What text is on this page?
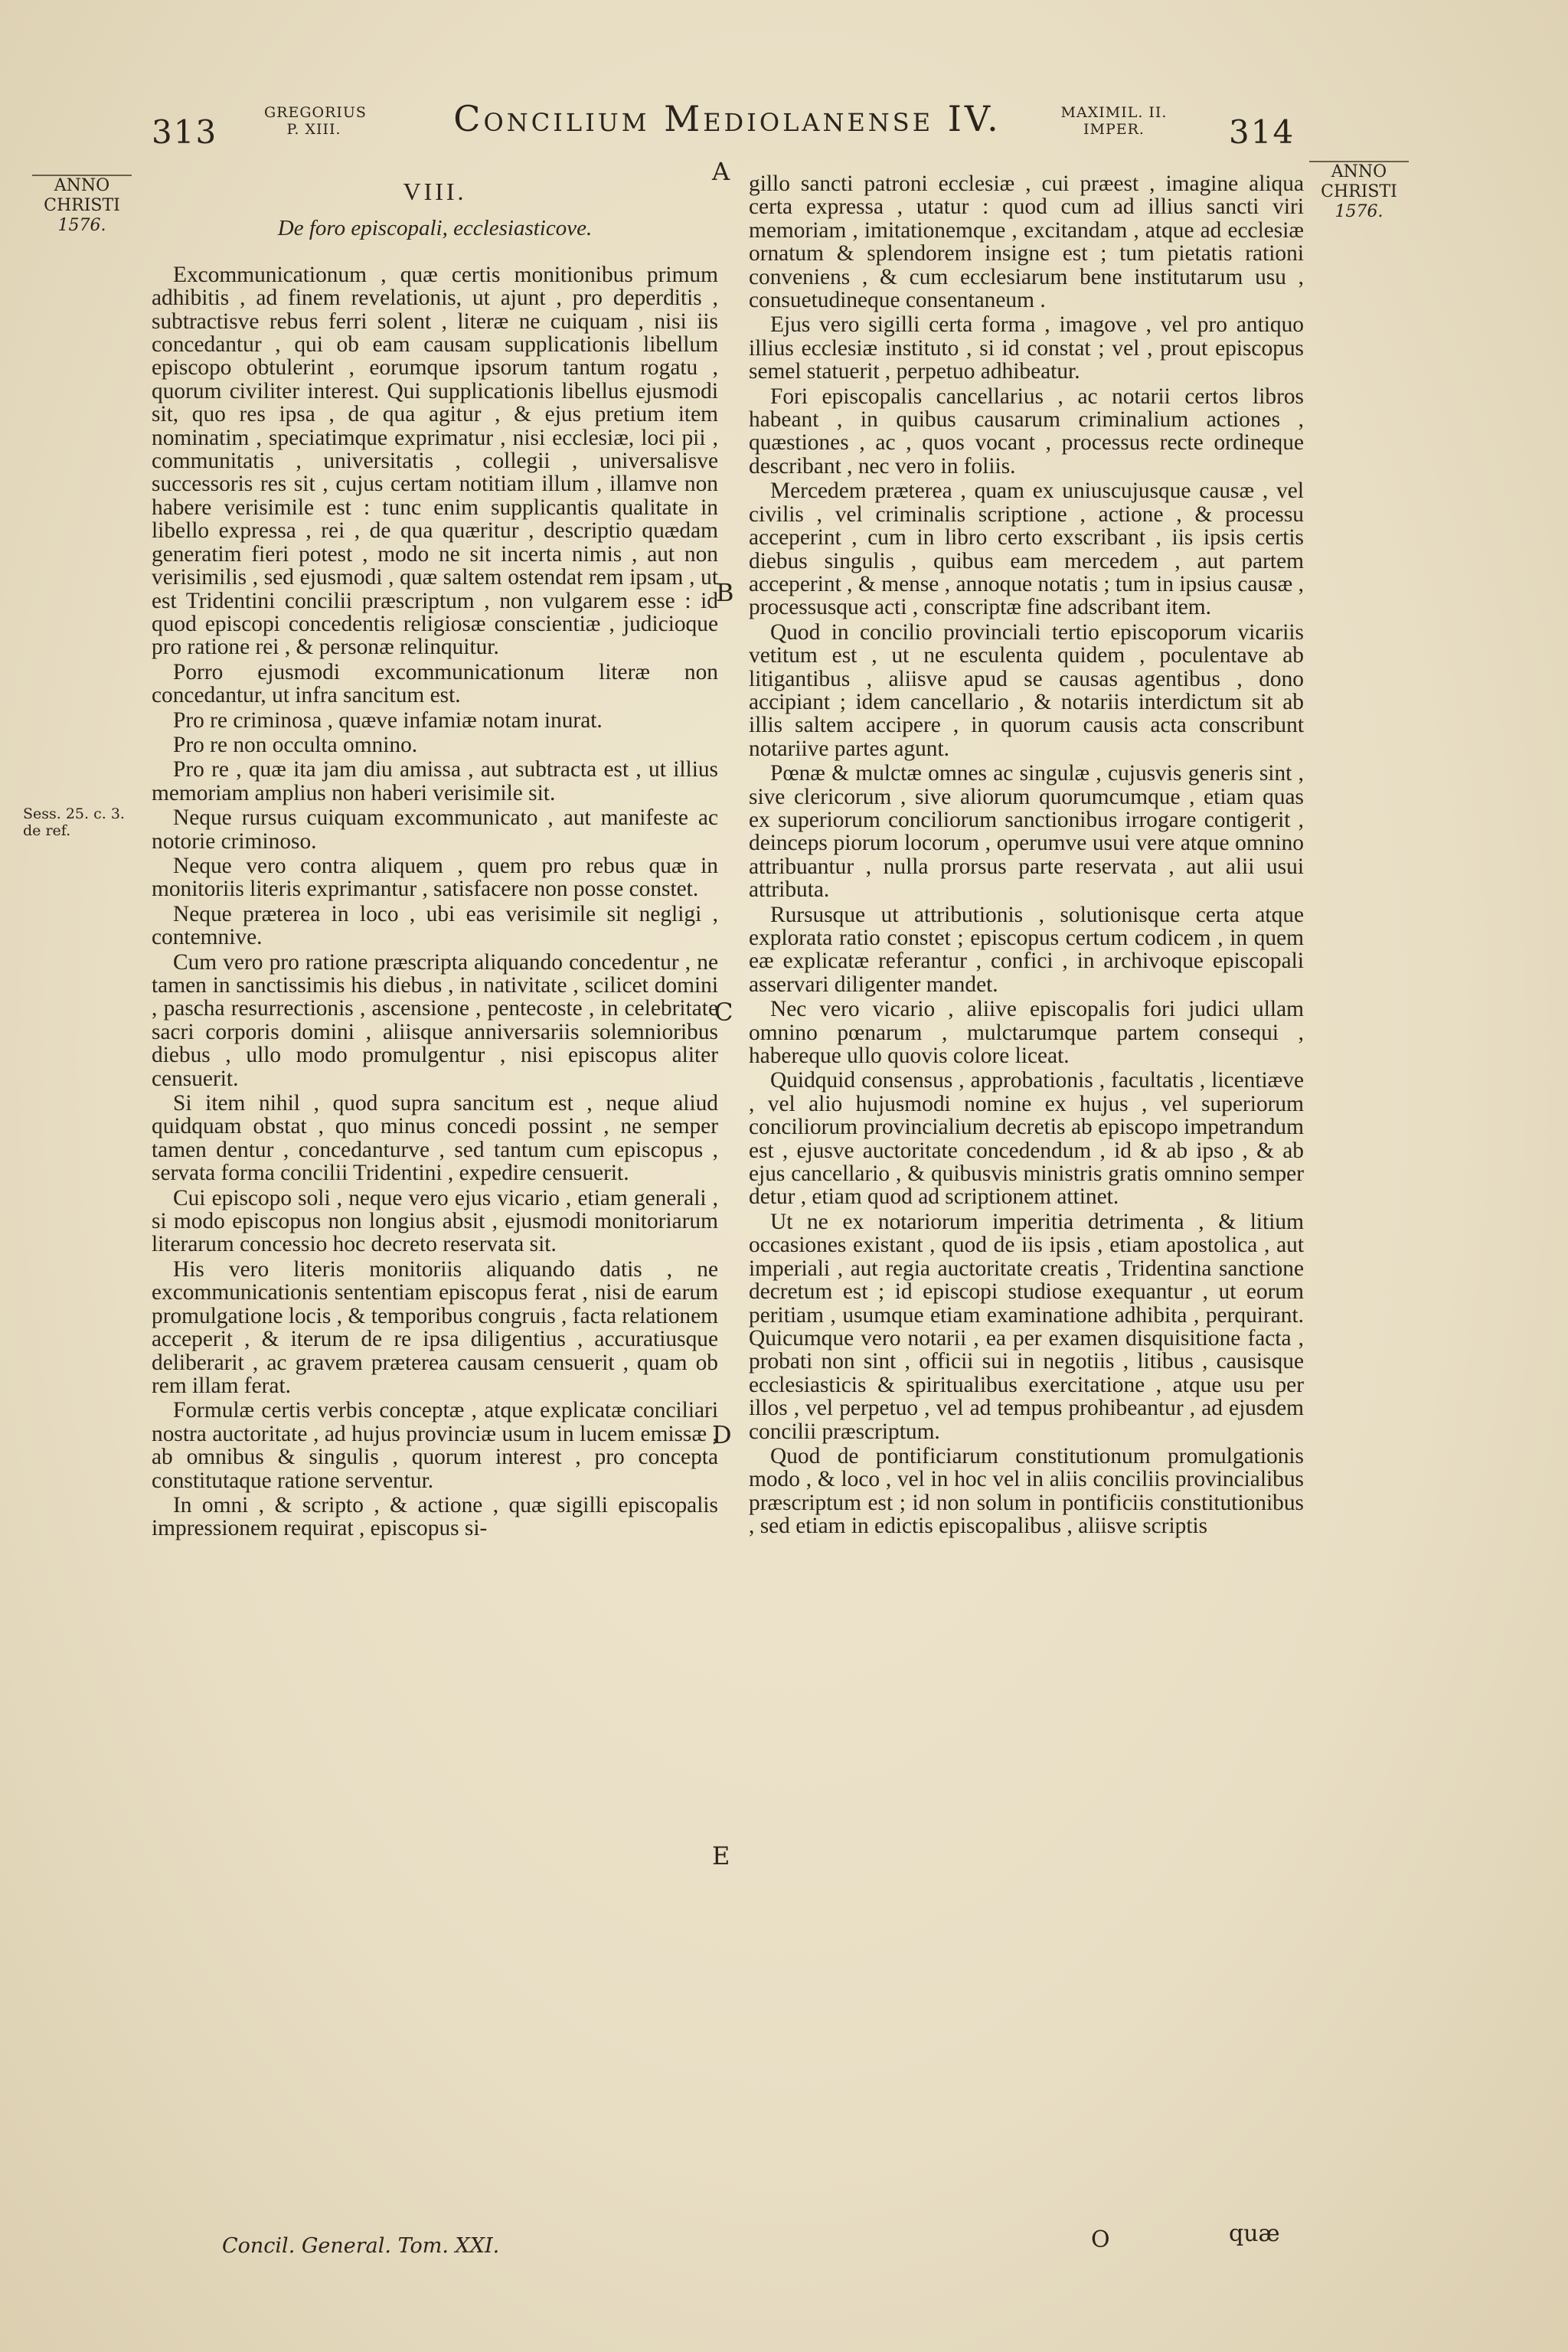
313
GREGORIUS
P. XIII.	Concilium Mediolanense IV.	MAXIMIL. II.
IMPER.	314
ANNO
CHRISTI
1576.
ANNO
CHRISTI
1576.
Sess. 25. c. 3.
de ref.
A
B
C
D
E
VIII.
De foro episcopali, ecclesiasticove.

Excommunicationum , quæ certis monitionibus primum adhibitis , ad finem revelationis, ut ajunt , pro deperditis , subtractisve rebus ferri solent , literæ ne cuiquam , nisi iis concedantur , qui ob eam causam supplicationis libellum episcopo obtulerint , eorumque ipsorum tantum rogatu , quorum civiliter interest. Qui supplicationis libellus ejusmodi sit, quo res ipsa , de qua agitur , & ejus pretium item nominatim , speciatimque exprimatur , nisi ecclesiæ, loci pii , communitatis , universitatis , collegii , universalisve successoris res sit , cujus certam notitiam illum , illamve non habere verisimile est : tunc enim supplicantis qualitate in libello expressa , rei , de qua quæritur , descriptio quædam generatim fieri potest , modo ne sit incerta nimis , aut non verisimilis , sed ejusmodi , quæ saltem ostendat rem ipsam , ut est Tridentini concilii præscriptum , non vulgarem esse : id quod episcopi concedentis religiosæ conscientiæ , judicioque pro ratione rei , & personæ relinquitur.

Porro ejusmodi excommunicationum literæ non concedantur, ut infra sancitum est.

Pro re criminosa , quæve infamiæ notam inurat.

Pro re non occulta omnino.

Pro re , quæ ita jam diu amissa , aut subtracta est , ut illius memoriam amplius non haberi verisimile sit.

Neque rursus cuiquam excommunicato , aut manifeste ac notorie criminoso.

Neque vero contra aliquem , quem pro rebus quæ in monitoriis literis exprimantur , satisfacere non posse constet.

Neque præterea in loco , ubi eas verisimile sit negligi , contemnive.

Cum vero pro ratione præscripta aliquando concedentur , ne tamen in sanctissimis his diebus , in nativitate , scilicet domini , pascha resurrectionis , ascensione , pentecoste , in celebritate sacri corporis domini , aliisque anniversariis solemnioribus diebus , ullo modo promulgentur , nisi episcopus aliter censuerit.

Si item nihil , quod supra sancitum est , neque aliud quidquam obstat , quo minus concedi possint , ne semper tamen dentur , concedanturve , sed tantum cum episcopus , servata forma concilii Tridentini , expedire censuerit.

Cui episcopo soli , neque vero ejus vicario , etiam generali , si modo episcopus non longius absit , ejusmodi monitoriarum literarum concessio hoc decreto reservata sit.

His vero literis monitoriis aliquando datis , ne excommunicationis sententiam episcopus ferat , nisi de earum promulgatione locis , & temporibus congruis , facta relationem acceperit , & iterum de re ipsa diligentius , accuratiusque deliberarit , ac gravem præterea causam censuerit , quam ob rem illam ferat.

Formulæ certis verbis conceptæ , atque explicatæ conciliari nostra auctoritate , ad hujus provinciæ usum in lucem emissæ , ab omnibus & singulis , quorum interest , pro concepta constitutaque ratione serventur.

In omni , & scripto , & actione , quæ sigilli episcopalis impressionem requirat , episcopus si-

gillo sancti patroni ecclesiæ , cui præest , imagine aliqua certa expressa , utatur : quod cum ad illius sancti viri memoriam , imitationemque , excitandam , atque ad ecclesiæ ornatum & splendorem insigne est ; tum pietatis rationi conveniens , & cum ecclesiarum bene institutarum usu , consuetudineque consentaneum .

Ejus vero sigilli certa forma , imagove , vel pro antiquo illius ecclesiæ instituto , si id constat ; vel , prout episcopus semel statuerit , perpetuo adhibeatur.

Fori episcopalis cancellarius , ac notarii certos libros habeant , in quibus causarum criminalium actiones , quæstiones , ac , quos vocant , processus recte ordineque describant , nec vero in foliis.

Mercedem præterea , quam ex uniuscujusque causæ , vel civilis , vel criminalis scriptione , actione , & processu acceperint , cum in libro certo exscribant , iis ipsis certis diebus singulis , quibus eam mercedem , aut partem acceperint , & mense , annoque notatis ; tum in ipsius causæ , processusque acti , conscriptæ fine adscribant item.

Quod in concilio provinciali tertio episcoporum vicariis vetitum est , ut ne esculenta quidem , poculentave ab litigantibus , aliisve apud se causas agentibus , dono accipiant ; idem cancellario , & notariis interdictum sit ab illis saltem accipere , in quorum causis acta conscribunt notariive partes agunt.

Pœnæ & mulctæ omnes ac singulæ , cujusvis generis sint , sive clericorum , sive aliorum quorumcumque , etiam quas ex superiorum conciliorum sanctionibus irrogare contigerit , deinceps piorum locorum , operumve usui vere atque omnino attribuantur , nulla prorsus parte reservata , aut alii usui attributa.

Rursusque ut attributionis , solutionisque certa atque explorata ratio constet ; episcopus certum codicem , in quem eæ explicatæ referantur , confici , in archivoque episcopali asservari diligenter mandet.

Nec vero vicario , aliive episcopalis fori judici ullam omnino pœnarum , mulctarumque partem consequi , habereque ullo quovis colore liceat.

Quidquid consensus , approbationis , facultatis , licentiæve , vel alio hujusmodi nomine ex hujus , vel superiorum conciliorum provincialium decretis ab episcopo impetrandum est , ejusve auctoritate concedendum , id & ab ipso , & ab ejus cancellario , & quibusvis ministris gratis omnino semper detur , etiam quod ad scriptionem attinet.

Ut ne ex notariorum imperitia detrimenta , & litium occasiones existant , quod de iis ipsis , etiam apostolica , aut imperiali , aut regia auctoritate creatis , Tridentina sanctione decretum est ; id episcopi studiose exequantur , ut eorum peritiam , usumque etiam examinatione adhibita , perquirant. Quicumque vero notarii , ea per examen disquisitione facta , probati non sint , officii sui in negotiis , litibus , causisque ecclesiasticis & spiritualibus exercitatione , atque usu per illos , vel perpetuo , vel ad tempus prohibeantur , ad ejusdem concilii præscriptum.

Quod de pontificiarum constitutionum promulgationis modo , & loco , vel in hoc vel in aliis conciliis provincialibus præscriptum est ; id non solum in pontificiis constitutionibus , sed etiam in edictis episcopalibus , aliisve scriptis

Concil. General. Tom. XXI.	O	quæ
